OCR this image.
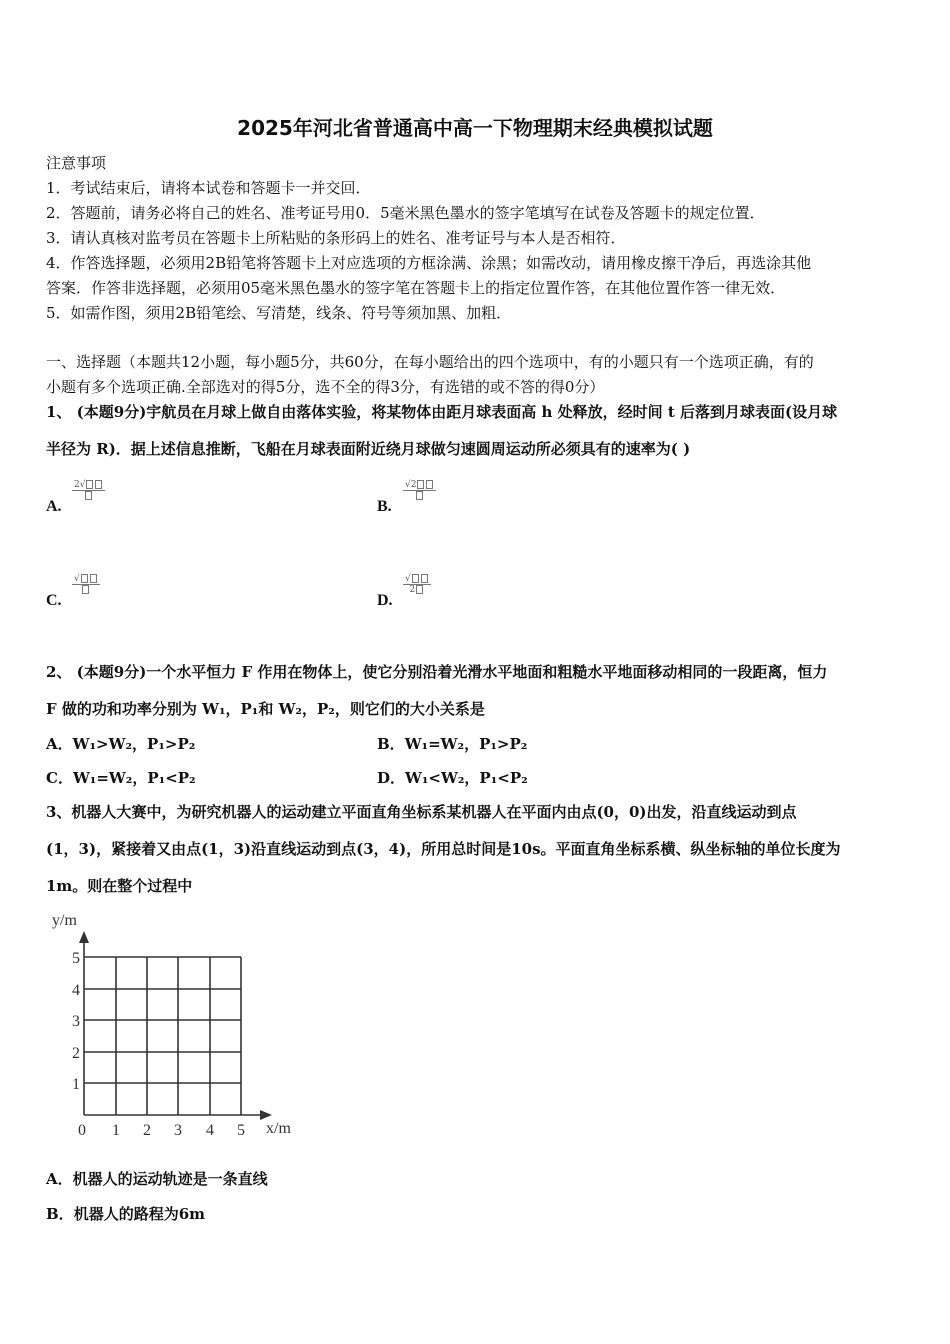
2025年河北省普通高中高一下物理期末经典模拟试题
注意事项
1．考试结束后，请将本试卷和答题卡一并交回．
2．答题前，请务必将自己的姓名、准考证号用0．5毫米黑色墨水的签字笔填写在试卷及答题卡的规定位置．
3．请认真核对监考员在答题卡上所粘贴的条形码上的姓名、准考证号与本人是否相符．
4．作答选择题，必须用2B铅笔将答题卡上对应选项的方框涂满、涂黑；如需改动，请用橡皮擦干净后，再选涂其他
答案．作答非选择题，必须用05毫米黑色墨水的签字笔在答题卡上的指定位置作答，在其他位置作答一律无效．
5．如需作图，须用2B铅笔绘、写清楚，线条、符号等须加黑、加粗．
一、选择题（本题共12小题，每小题5分，共60分，在每小题给出的四个选项中，有的小题只有一个选项正确，有的
小题有多个选项正确.全部选对的得5分，选不全的得3分，有选错的或不答的得0分）
1、 (本题9分)宇航员在月球上做自由落体实验，将某物体由距月球表面高 h 处释放，经时间 t 后落到月球表面(设月球
半径为 R)．据上述信息推断，飞船在月球表面附近绕月球做匀速圆周运动所必须具有的速率为( )
A.
2√
B.
√2
C.
√
D.
√
2
2、 (本题9分)一个水平恒力 F 作用在物体上，使它分别沿着光滑水平地面和粗糙水平地面移动相同的一段距离，恒力
F 做的功和功率分别为 W₁，P₁和 W₂，P₂，则它们的大小关系是
A．W₁>W₂，P₁>P₂	B．W₁=W₂，P₁>P₂
C．W₁=W₂，P₁<P₂	D．W₁<W₂，P₁<P₂
3、机器人大赛中，为研究机器人的运动建立平面直角坐标系某机器人在平面内由点(0，0)出发，沿直线运动到点
(1，3)，紧接着又由点(1，3)沿直线运动到点(3，4)，所用总时间是10s。平面直角坐标系横、纵坐标轴的单位长度为
1m。则在整个过程中
y/m
x/m
0 1 2 3 4 5
1
2
3
4
5
A．机器人的运动轨迹是一条直线
B．机器人的路程为6m
